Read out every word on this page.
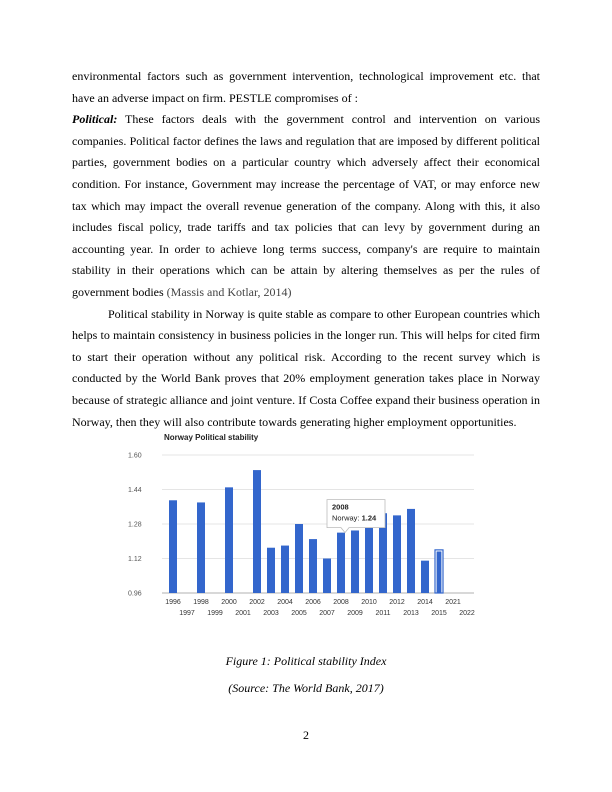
environmental factors such as government intervention, technological improvement etc. that have an adverse impact on firm. PESTLE compromises of :

Political: These factors deals with the government control and intervention on various companies. Political factor defines the laws and regulation that are imposed by different political parties, government bodies on a particular country which adversely affect their economical condition. For instance, Government may increase the percentage of VAT, or may enforce new tax which may impact the overall revenue generation of the company. Along with this, it also includes fiscal policy, trade tariffs and tax policies that can levy by government during an accounting year. In order to achieve long terms success, company's are require to maintain stability in their operations which can be attain by altering themselves as per the rules of government bodies (Massis and Kotlar, 2014)

Political stability in Norway is quite stable as compare to other European countries which helps to maintain consistency in business policies in the longer run. This will helps for cited firm to start their operation without any political risk. According to the recent survey which is conducted by the World Bank proves that 20% employment generation takes place in Norway because of strategic alliance and joint venture. If Costa Coffee expand their business operation in Norway, then they will also contribute towards generating higher employment opportunities.

Norway Political stability
1.60
1.44
1.28
1.12
0.96
1996 1998 2000 2002 2004 2006 2008 2010 2012 2014 2021
1997 1999 2001 2003 2005 2007 2009 2011 2013 2015 2022
2008
Norway: 1.24
Figure 1: Political stability Index
(Source: The World Bank, 2017)
2
